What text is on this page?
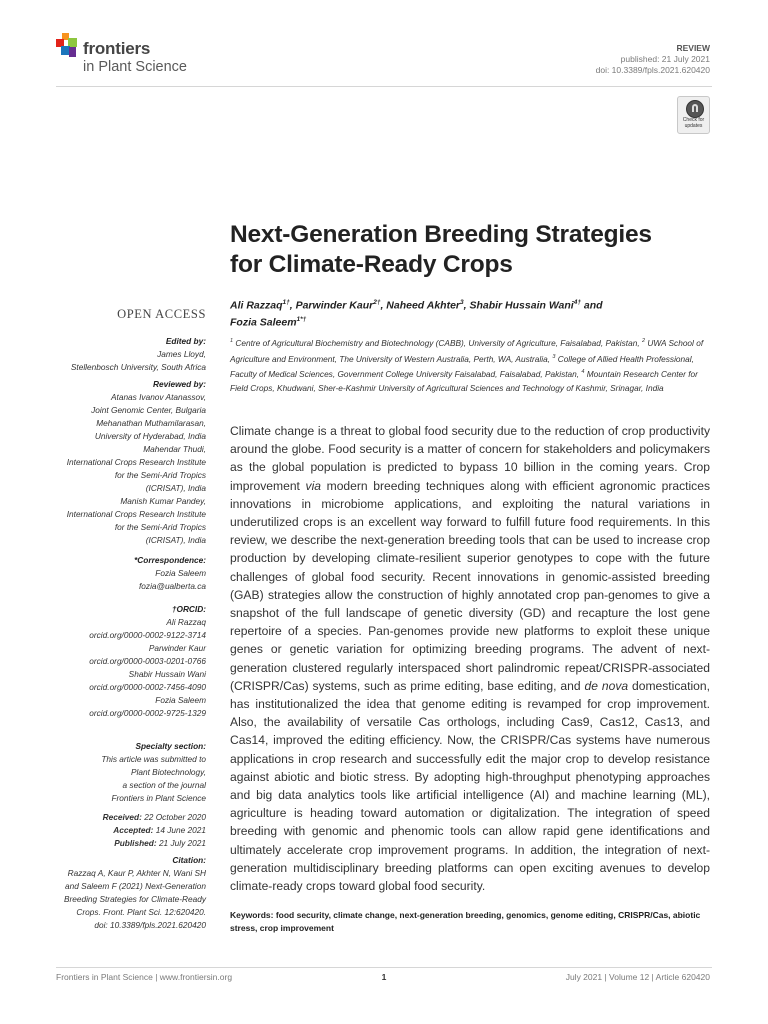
frontiers
in Plant Science
REVIEW
published: 21 July 2021
doi: 10.3389/fpls.2021.620420
Check for
updates
Next-Generation Breeding Strategies
for Climate-Ready Crops
Ali Razzaq$^{1\dagger}$, Parwinder Kaur$^{2\dagger}$, Naheed Akhter$^3$, Shabir Hussain Wani$^{4\dagger}$ and
Fozia Saleem$^{1*\dagger}$
$^1$ Centre of Agricultural Biochemistry and Biotechnology (CABB), University of Agriculture, Faisalabad, Pakistan, $^2$ UWA School of Agriculture and Environment, The University of Western Australia, Perth, WA, Australia, $^3$ College of Allied Health Professional, Faculty of Medical Sciences, Government College University Faisalabad, Faisalabad, Pakistan, $^4$ Mountain Research Center for Field Crops, Khudwani, Sher-e-Kashmir University of Agricultural Sciences and Technology of Kashmir, Srinagar, India
OPEN ACCESS
Edited by:
James Lloyd,
Stellenbosch University, South Africa
Reviewed by:
Atanas Ivanov Atanassov,
Joint Genomic Center, Bulgaria
Mehanathan Muthamilarasan,
University of Hyderabad, India
Mahendar Thudi,
International Crops Research Institute
for the Semi-Arid Tropics
(ICRISAT), India
Manish Kumar Pandey,
International Crops Research Institute
for the Semi-Arid Tropics
(ICRISAT), India
*Correspondence:
Fozia Saleem
fozia@ualberta.ca
†ORCID:
Ali Razzaq
orcid.org/0000-0002-9122-3714
Parwinder Kaur
orcid.org/0000-0003-0201-0766
Shabir Hussain Wani
orcid.org/0000-0002-7456-4090
Fozia Saleem
orcid.org/0000-0002-9725-1329
Specialty section:
This article was submitted to
Plant Biotechnology,
a section of the journal
Frontiers in Plant Science
Received: 22 October 2020
Accepted: 14 June 2021
Published: 21 July 2021
Citation:
Razzaq A, Kaur P, Akhter N, Wani SH
and Saleem F (2021) Next-Generation
Breeding Strategies for Climate-Ready
Crops. Front. Plant Sci. 12:620420.
doi: 10.3389/fpls.2021.620420
Climate change is a threat to global food security due to the reduction of crop productivity around the globe. Food security is a matter of concern for stakeholders and policymakers as the global population is predicted to bypass 10 billion in the coming years. Crop improvement via modern breeding techniques along with efficient agronomic practices innovations in microbiome applications, and exploiting the natural variations in underutilized crops is an excellent way forward to fulfill future food requirements. In this review, we describe the next-generation breeding tools that can be used to increase crop production by developing climate-resilient superior genotypes to cope with the future challenges of global food security. Recent innovations in genomic-assisted breeding (GAB) strategies allow the construction of highly annotated crop pan-genomes to give a snapshot of the full landscape of genetic diversity (GD) and recapture the lost gene repertoire of a species. Pan-genomes provide new platforms to exploit these unique genes or genetic variation for optimizing breeding programs. The advent of next-generation clustered regularly interspaced short palindromic repeat/CRISPR-associated (CRISPR/Cas) systems, such as prime editing, base editing, and de nova domestication, has institutionalized the idea that genome editing is revamped for crop improvement. Also, the availability of versatile Cas orthologs, including Cas9, Cas12, Cas13, and Cas14, improved the editing efficiency. Now, the CRISPR/Cas systems have numerous applications in crop research and successfully edit the major crop to develop resistance against abiotic and biotic stress. By adopting high-throughput phenotyping approaches and big data analytics tools like artificial intelligence (AI) and machine learning (ML), agriculture is heading toward automation or digitalization. The integration of speed breeding with genomic and phenomic tools can allow rapid gene identifications and ultimately accelerate crop improvement programs. In addition, the integration of next-generation multidisciplinary breeding platforms can open exciting avenues to develop climate-ready crops toward global food security.
Keywords: food security, climate change, next-generation breeding, genomics, genome editing, CRISPR/Cas, abiotic stress, crop improvement
Frontiers in Plant Science | www.frontiersin.org	1	July 2021 | Volume 12 | Article 620420
